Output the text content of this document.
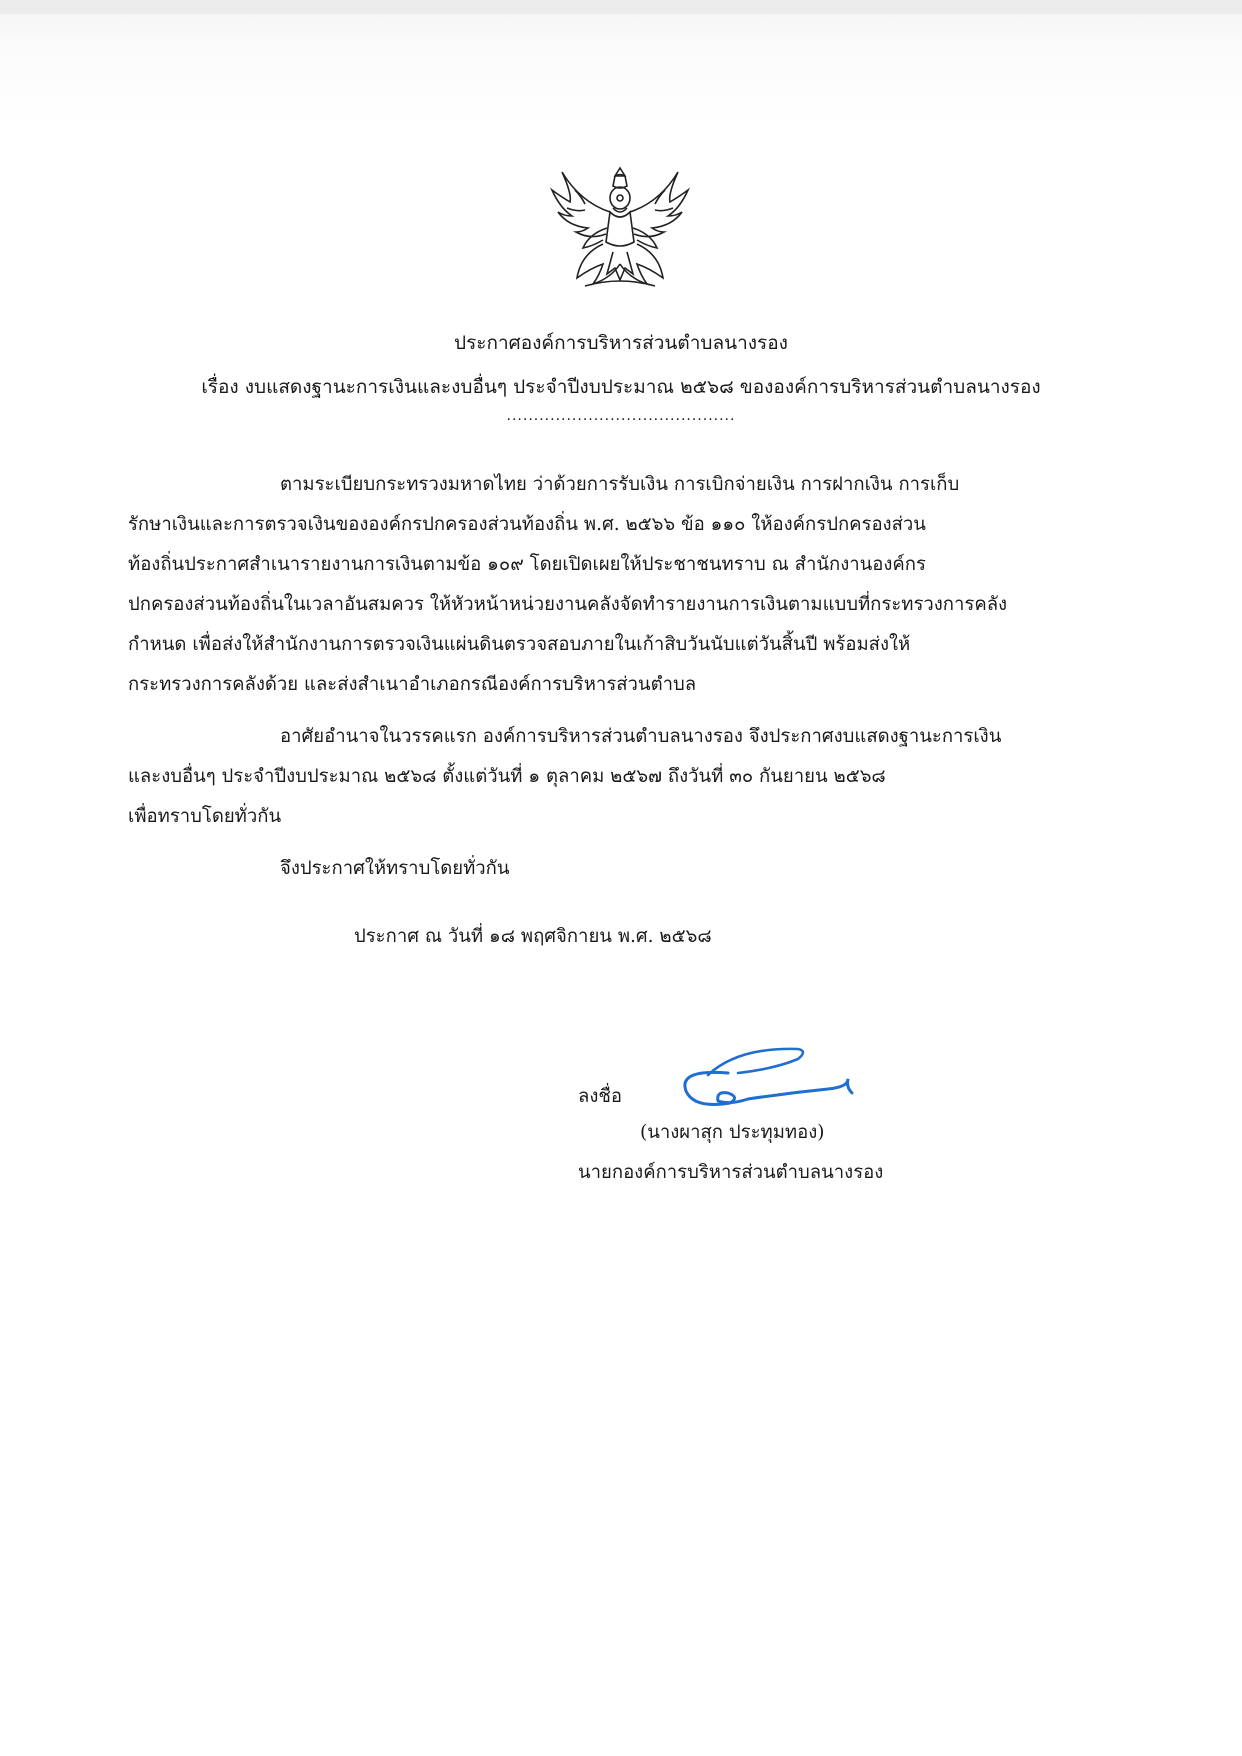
ประกาศองค์การบริหารส่วนตำบลนางรอง
เรื่อง งบแสดงฐานะการเงินและงบอื่นๆ ประจำปีงบประมาณ ๒๕๖๘ ขององค์การบริหารส่วนตำบลนางรอง
..........................................
ตามระเบียบกระทรวงมหาดไทย ว่าด้วยการรับเงิน การเบิกจ่ายเงิน การฝากเงิน การเก็บ
รักษาเงินและการตรวจเงินขององค์กรปกครองส่วนท้องถิ่น พ.ศ. ๒๕๖๖ ข้อ ๑๑๐ ให้องค์กรปกครองส่วน
ท้องถิ่นประกาศสำเนารายงานการเงินตามข้อ ๑๐๙ โดยเปิดเผยให้ประชาชนทราบ ณ สำนักงานองค์กร
ปกครองส่วนท้องถิ่นในเวลาอันสมควร ให้หัวหน้าหน่วยงานคลังจัดทำรายงานการเงินตามแบบที่กระทรวงการคลัง
กำหนด เพื่อส่งให้สำนักงานการตรวจเงินแผ่นดินตรวจสอบภายในเก้าสิบวันนับแต่วันสิ้นปี พร้อมส่งให้
กระทรวงการคลังด้วย และส่งสำเนาอำเภอกรณีองค์การบริหารส่วนตำบล
อาศัยอำนาจในวรรคแรก องค์การบริหารส่วนตำบลนางรอง จึงประกาศงบแสดงฐานะการเงิน
และงบอื่นๆ ประจำปีงบประมาณ ๒๕๖๘ ตั้งแต่วันที่ ๑ ตุลาคม ๒๕๖๗ ถึงวันที่ ๓๐ กันยายน ๒๕๖๘
เพื่อทราบโดยทั่วกัน
จึงประกาศให้ทราบโดยทั่วกัน
ประกาศ ณ วันที่ ๑๘ พฤศจิกายน พ.ศ. ๒๕๖๘
ลงชื่อ
(นางผาสุก ประทุมทอง)
นายกองค์การบริหารส่วนตำบลนางรอง
